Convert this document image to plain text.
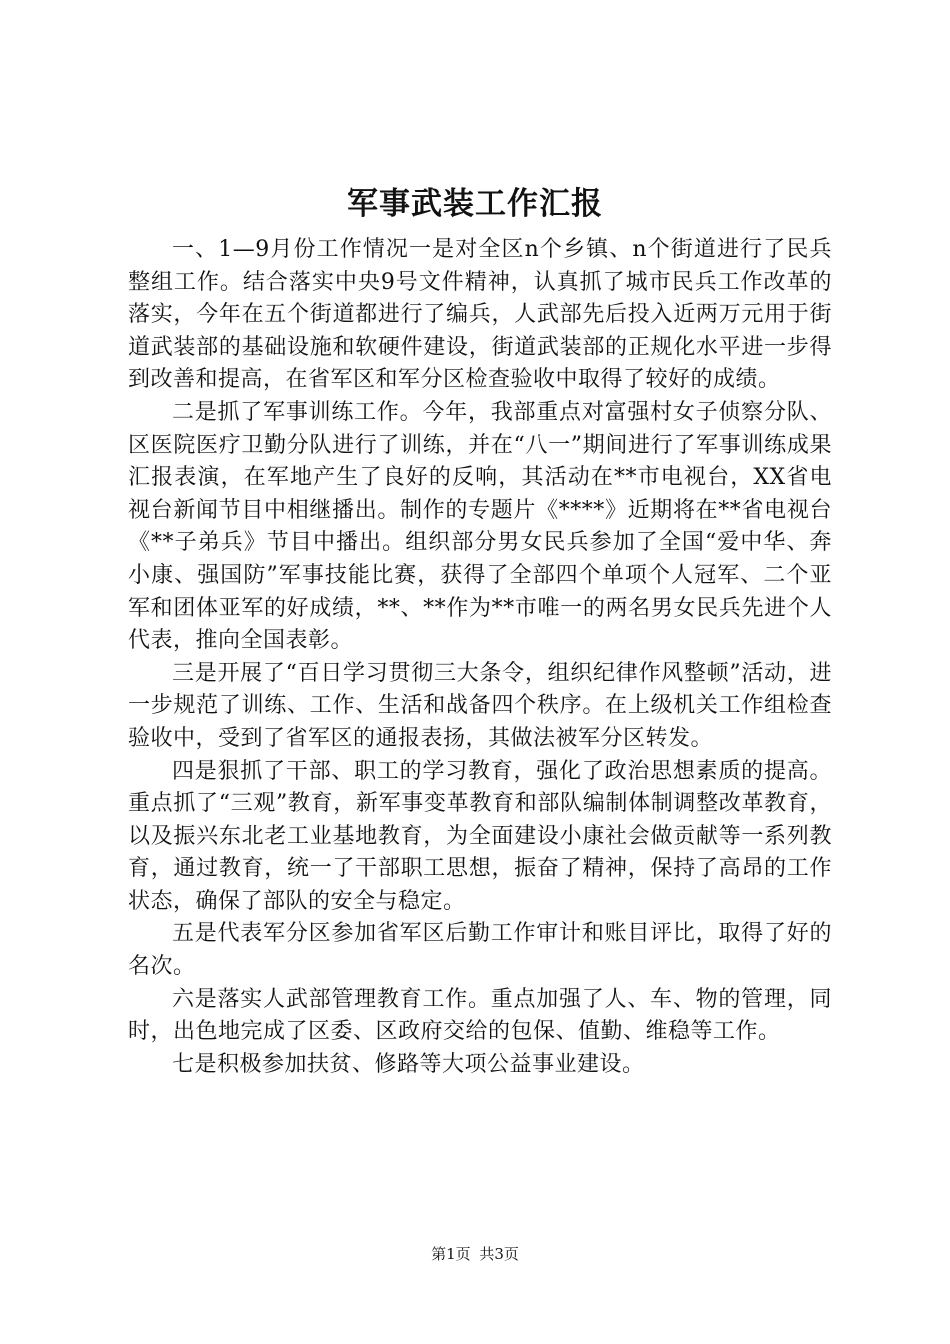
军事武装工作汇报

一、1—9月份工作情况一是对全区n个乡镇、n个街道进行了民兵整组工作。结合落实中央9号文件精神，认真抓了城市民兵工作改革的落实，今年在五个街道都进行了编兵，人武部先后投入近两万元用于街道武装部的基础设施和软硬件建设，街道武装部的正规化水平进一步得到改善和提高，在省军区和军分区检查验收中取得了较好的成绩。

二是抓了军事训练工作。今年，我部重点对富强村女子侦察分队、区医院医疗卫勤分队进行了训练，并在“八一”期间进行了军事训练成果汇报表演，在军地产生了良好的反响，其活动在**市电视台，XX省电视台新闻节目中相继播出。制作的专题片《****》近期将在**省电视台《**子弟兵》节目中播出。组织部分男女民兵参加了全国“爱中华、奔小康、强国防”军事技能比赛，获得了全部四个单项个人冠军、二个亚军和团体亚军的好成绩，**、**作为**市唯一的两名男女民兵先进个人代表，推向全国表彰。

三是开展了“百日学习贯彻三大条令，组织纪律作风整顿”活动，进一步规范了训练、工作、生活和战备四个秩序。在上级机关工作组检查验收中，受到了省军区的通报表扬，其做法被军分区转发。

四是狠抓了干部、职工的学习教育，强化了政治思想素质的提高。重点抓了“三观”教育，新军事变革教育和部队编制体制调整改革教育，以及振兴东北老工业基地教育，为全面建设小康社会做贡献等一系列教育，通过教育，统一了干部职工思想，振奋了精神，保持了高昂的工作状态，确保了部队的安全与稳定。

五是代表军分区参加省军区后勤工作审计和账目评比，取得了好的名次。

六是落实人武部管理教育工作。重点加强了人、车、物的管理，同时，出色地完成了区委、区政府交给的包保、值勤、维稳等工作。

七是积极参加扶贫、修路等大项公益事业建设。

第1页 共3页
